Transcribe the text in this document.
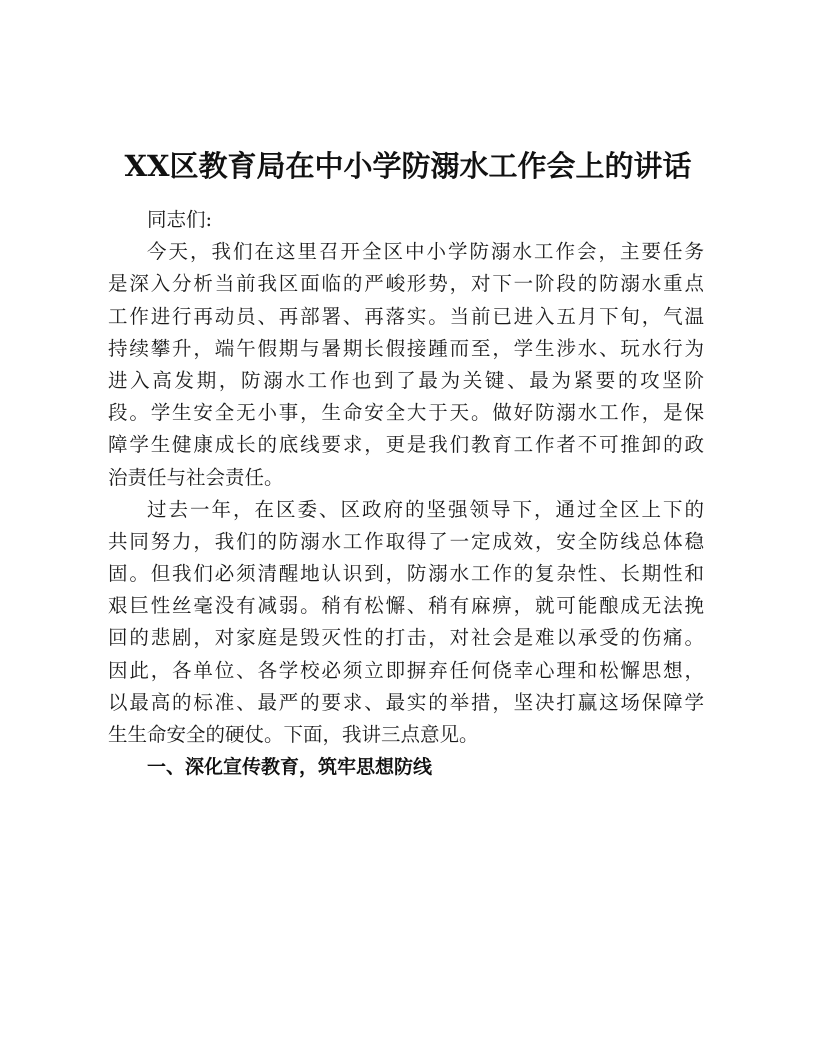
XX区教育局在中小学防溺水工作会上的讲话
同志们:
今天，我们在这里召开全区中小学防溺水工作会，主要任务
是深入分析当前我区面临的严峻形势，对下一阶段的防溺水重点
工作进行再动员、再部署、再落实。当前已进入五月下旬，气温
持续攀升，端午假期与暑期长假接踵而至，学生涉水、玩水行为
进入高发期，防溺水工作也到了最为关键、最为紧要的攻坚阶
段。学生安全无小事，生命安全大于天。做好防溺水工作，是保
障学生健康成长的底线要求，更是我们教育工作者不可推卸的政
治责任与社会责任。
过去一年，在区委、区政府的坚强领导下，通过全区上下的
共同努力，我们的防溺水工作取得了一定成效，安全防线总体稳
固。但我们必须清醒地认识到，防溺水工作的复杂性、长期性和
艰巨性丝毫没有减弱。稍有松懈、稍有麻痹，就可能酿成无法挽
回的悲剧，对家庭是毁灭性的打击，对社会是难以承受的伤痛。
因此，各单位、各学校必须立即摒弃任何侥幸心理和松懈思想，
以最高的标准、最严的要求、最实的举措，坚决打赢这场保障学
生生命安全的硬仗。下面，我讲三点意见。
一、深化宣传教育，筑牢思想防线
